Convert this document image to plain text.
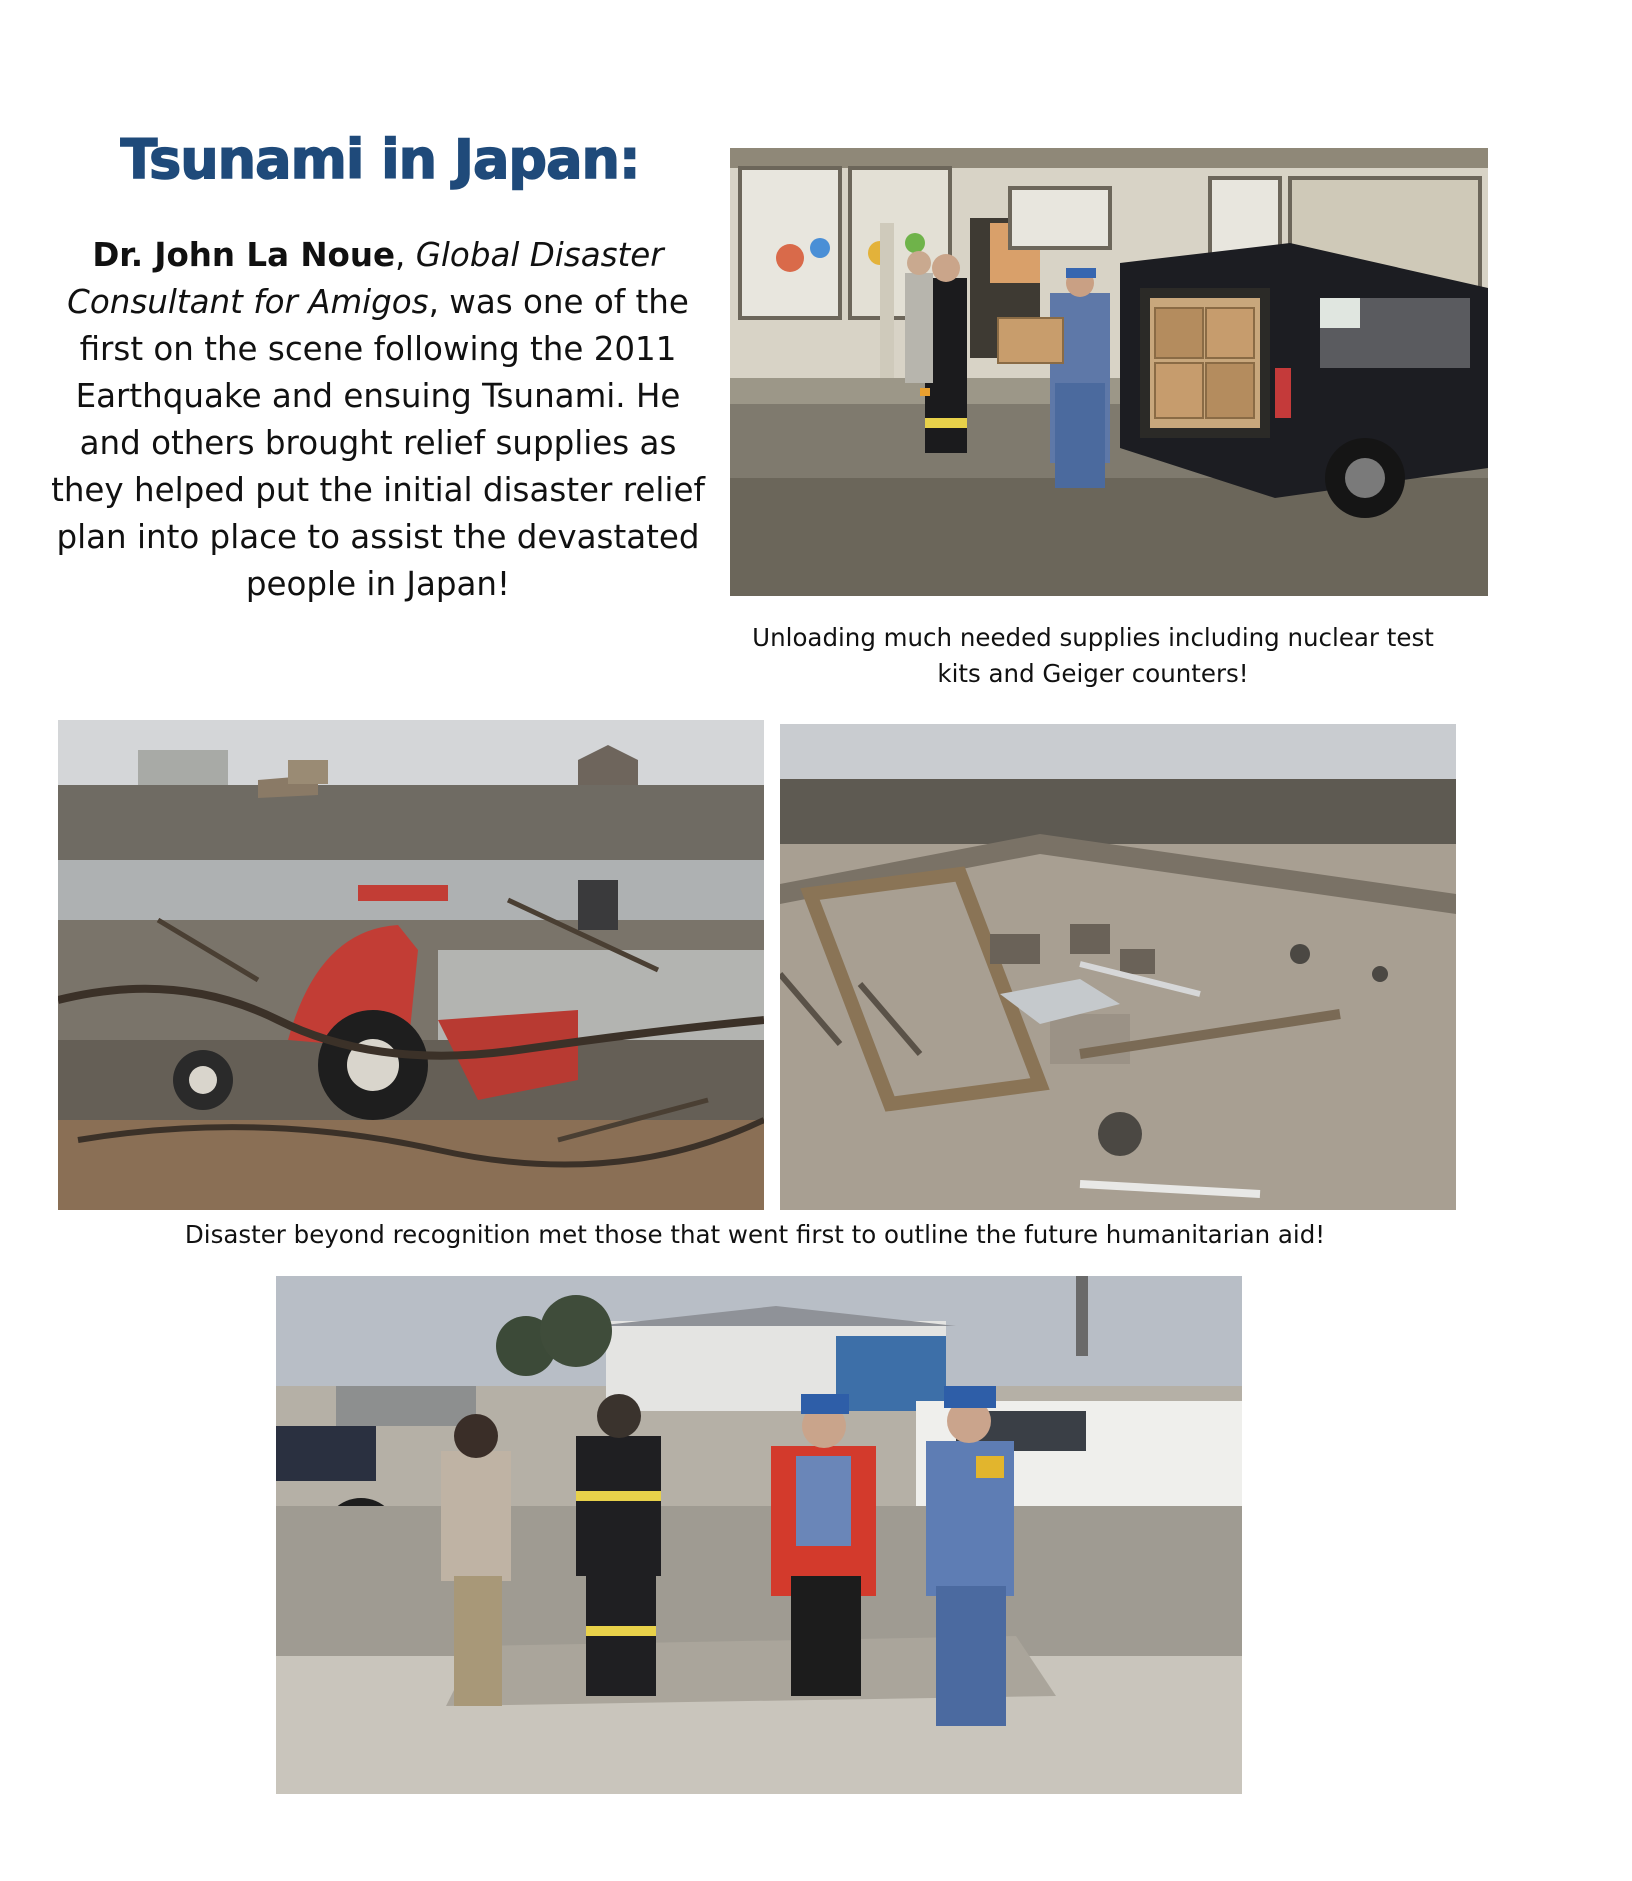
Tsunami in Japan:
Dr. John La Noue, Global Disaster Consultant for Amigos, was one of the first on the scene following the 2011 Earthquake and ensuing Tsunami. He and others brought relief supplies as they helped put the initial disaster relief plan into place to assist the devastated people in Japan!
Unloading much needed supplies including nuclear test kits and Geiger counters!
Disaster beyond recognition met those that went first to outline the future humanitarian aid!
